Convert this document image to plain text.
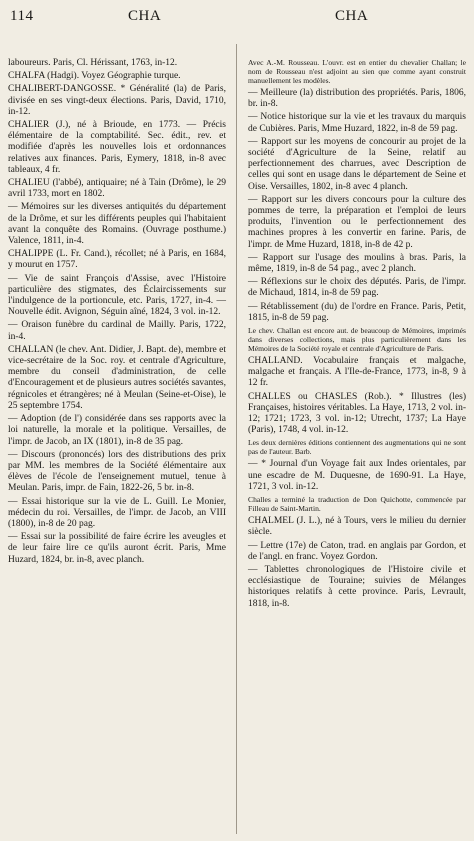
114	CHA	CHA
laboureurs. Paris, Cl. Hérissant, 1763, in-12.
CHALFA (Hadgi). Voyez Géographie turque.
CHALIBERT-DANGOSSE. * Généralité (la) de Paris, divisée en ses vingt-deux élections. Paris, David, 1710, in-12.
CHALIER (J.), né à Brioude, en 1773. — Précis élémentaire de la comptabilité. Sec. édit., rev. et modifiée d'après les nouvelles lois et ordonnances relatives aux finances. Paris, Eymery, 1818, in-8 avec tableaux, 4 fr.
CHALIEU (l'abbé), antiquaire; né à Tain (Drôme), le 29 avril 1733, mort en 1802.
— Mémoires sur les diverses antiquités du département de la Drôme, et sur les différents peuples qui l'habitaient avant la conquête des Romains. (Ouvrage posthume.) Valence, 1811, in-4.
CHALIPPE (L. Fr. Cand.), récollet; né à Paris, en 1684, y mourut en 1757.
— Vie de saint François d'Assise, avec l'Histoire particulière des stigmates, des Éclaircissements sur l'indulgence de la portioncule, etc. Paris, 1727, in-4. — Nouvelle édit. Avignon, Séguin aîné, 1824, 3 vol. in-12.
— Oraison funèbre du cardinal de Mailly. Paris, 1722, in-4.
CHALLAN (le chev. Ant. Didier, J. Bapt. de), membre et vice-secrétaire de la Soc. roy. et centrale d'Agriculture, membre du conseil d'administration, de celle d'Encouragement et de plusieurs autres sociétés savantes, régnicoles et étrangères; né à Meulan (Seine-et-Oise), le 25 septembre 1754.
— Adoption (de l') considérée dans ses rapports avec la loi naturelle, la morale et la politique. Versailles, de l'impr. de Jacob, an IX (1801), in-8 de 35 pag.
— Discours (prononcés) lors des distributions des prix par MM. les membres de la Société élémentaire aux élèves de l'école de l'enseignement mutuel, tenue à Meulan. Paris, impr. de Fain, 1822-26, 5 br. in-8.
— Essai historique sur la vie de L. Guill. Le Monier, médecin du roi. Versailles, de l'impr. de Jacob, an VIII (1800), in-8 de 20 pag.
— Essai sur la possibilité de faire écrire les aveugles et de leur faire lire ce qu'ils auront écrit. Paris, Mme Huzard, 1824, br. in-8, avec planch.
Avec A.-M. Rousseau. L'ouvr. est en entier du chevalier Challan; le nom de Rousseau n'est adjoint au sien que comme ayant construit manuellement les modèles.
— Meilleure (la) distribution des propriétés. Paris, 1806, br. in-8.
— Notice historique sur la vie et les travaux du marquis de Cubières. Paris, Mme Huzard, 1822, in-8 de 59 pag.
— Rapport sur les moyens de concourir au projet de la société d'Agriculture de la Seine, relatif au perfectionnement des charrues, avec Description de celles qui sont en usage dans le département de Seine et Oise. Versailles, 1802, in-8 avec 4 planch.
— Rapport sur les divers concours pour la culture des pommes de terre, la préparation et l'emploi de leurs produits, l'invention ou le perfectionnement des machines propres à les convertir en farine. Paris, de l'impr. de Mme Huzard, 1818, in-8 de 42 p.
— Rapport sur l'usage des moulins à bras. Paris, la même, 1819, in-8 de 54 pag., avec 2 planch.
— Réflexions sur le choix des députés. Paris, de l'impr. de Michaud, 1814, in-8 de 59 pag.
— Rétablissement (du) de l'ordre en France. Paris, Petit, 1815, in-8 de 59 pag.
Le chev. Challan est encore aut. de beaucoup de Mémoires, imprimés dans diverses collections, mais plus particulièrement dans les Mémoires de la Société royale et centrale d'Agriculture de Paris.
CHALLAND. Vocabulaire français et malgache, malgache et français. A l'Ile-de-France, 1773, in-8, 9 à 12 fr.
CHALLES ou CHASLES (Rob.). * Illustres (les) Françaises, histoires véritables. La Haye, 1713, 2 vol. in-12; 1721; 1723, 3 vol. in-12; Utrecht, 1737; La Haye (Paris), 1748, 4 vol. in-12.
Les deux dernières éditions contiennent des augmentations qui ne sont pas de l'auteur. Barb.
— * Journal d'un Voyage fait aux Indes orientales, par une escadre de M. Duquesne, de 1690-91. La Haye, 1721, 3 vol. in-12.
Challes a terminé la traduction de Don Quichotte, commencée par Filleau de Saint-Martin.
CHALMEL (J. L.), né à Tours, vers le milieu du dernier siècle.
— Lettre (17e) de Caton, trad. en anglais par Gordon, et de l'angl. en franc. Voyez Gordon.
— Tablettes chronologiques de l'Histoire civile et ecclésiastique de Touraine; suivies de Mélanges historiques relatifs à cette province. Paris, Levrault, 1818, in-8.
